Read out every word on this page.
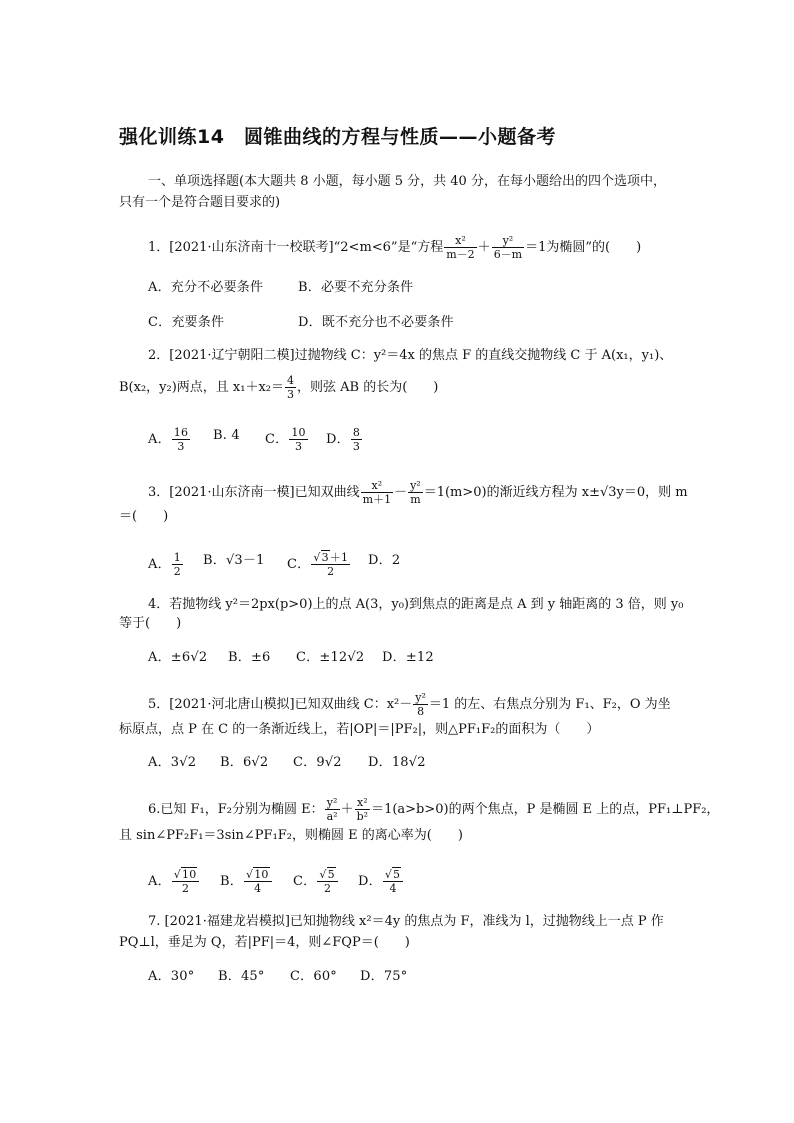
强化训练14　圆锥曲线的方程与性质——小题备考
一、单项选择题(本大题共 8 小题，每小题 5 分，共 40 分，在每小题给出的四个选项中，
只有一个是符合题目要求的)
1．[2021·山东济南十一校联考]“2<m<6”是“方程 $\frac{\text{x²}}{m-2} + \frac{\text{y²}}{6-m} =1$为椭圆”的(　　)
A．充分不必要条件	B．必要不充分条件
C．充要条件	D．既不充分也不必要条件
2．[2021·辽宁朝阳二模]过抛物线 C：y²＝4x 的焦点 F 的直线交抛物线 C 于 A(x₁，y₁)、
B(x₂，y₂)两点，且 $x_1+x_2= \frac{4}{3}$ ，则弦 AB 的长为(　　)
A． $\frac{16}{3} B$. 4 C． $\frac{10}{3}$ D． $\frac{8}{3}$
3．[2021·山东济南一模]已知双曲线 $\frac{\text{x²}}{m+1} - \frac{\text{y²}}{m} =1(m>0)$的渐近线方程为 x±√3y＝0，则 m
＝(　　)
A． $\frac{1}{2}$ B．√3－1 C． $\frac{√3+1}{2}$ D．2
4．若抛物线 y²＝2px(p>0)上的点 A(3，y₀)到焦点的距离是点 A 到 y 轴距离的 3 倍，则 y₀
等于(　　)
A．±6√2 B．±6 C．±12√2 D．±12
5．[2021·河北唐山模拟]已知双曲线 C：$x^2- \frac{\text{y²}}{8} =1$ 的左、右焦点分别为 F₁、F₂，O 为坐
标原点，点 P 在 C 的一条渐近线上，若|OP|＝|PF₂|，则△PF₁F₂的面积为（　　）
A．3√2 B．6√2 C．9√2 D．18√2
6.已知 F₁，F₂分别为椭圆 E： $\frac{\text{y²}}{\text{a²}} + \frac{\text{x²}}{\text{b²}} =1(a>b>0)$的两个焦点，P 是椭圆 E 上的点，PF₁⊥PF₂，
且 sin∠PF₂F₁＝3sin∠PF₁F₂，则椭圆 E 的离心率为(　　)
A． $\frac{√10}{2}$ B． $\frac{√10}{4}$ C． $\frac{√5}{2}$ D． $\frac{√5}{4}$
7. [2021·福建龙岩模拟]已知抛物线 x²＝4y 的焦点为 F，准线为 l，过抛物线上一点 P 作
PQ⊥l，垂足为 Q，若|PF|＝4，则∠FQP＝(　　)
A．30° B．45° C．60° D．75°
